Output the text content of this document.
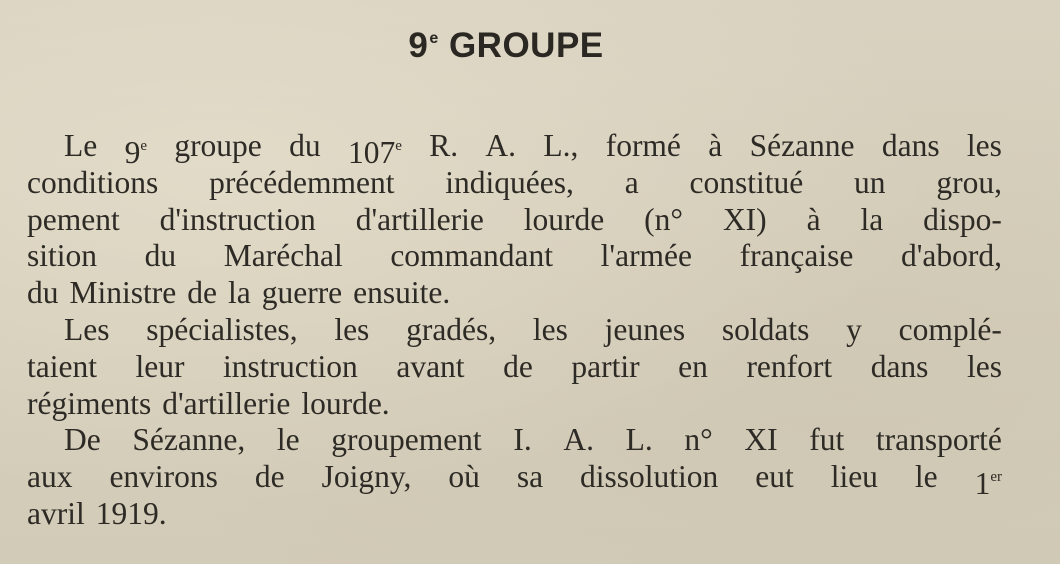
9e GROUPE
Le 9e groupe du 107e R. A. L., formé à Sézanne dans les
conditions précédemment indiquées, a constitué un grou,
pement d'instruction d'artillerie lourde (n° XI) à la dispo-
sition du Maréchal commandant l'armée française d'abord,
du Ministre de la guerre ensuite.
Les spécialistes, les gradés, les jeunes soldats y complé-
taient leur instruction avant de partir en renfort dans les
régiments d'artillerie lourde.
De Sézanne, le groupement I. A. L. n° XI fut transporté
aux environs de Joigny, où sa dissolution eut lieu le 1er
avril 1919.
